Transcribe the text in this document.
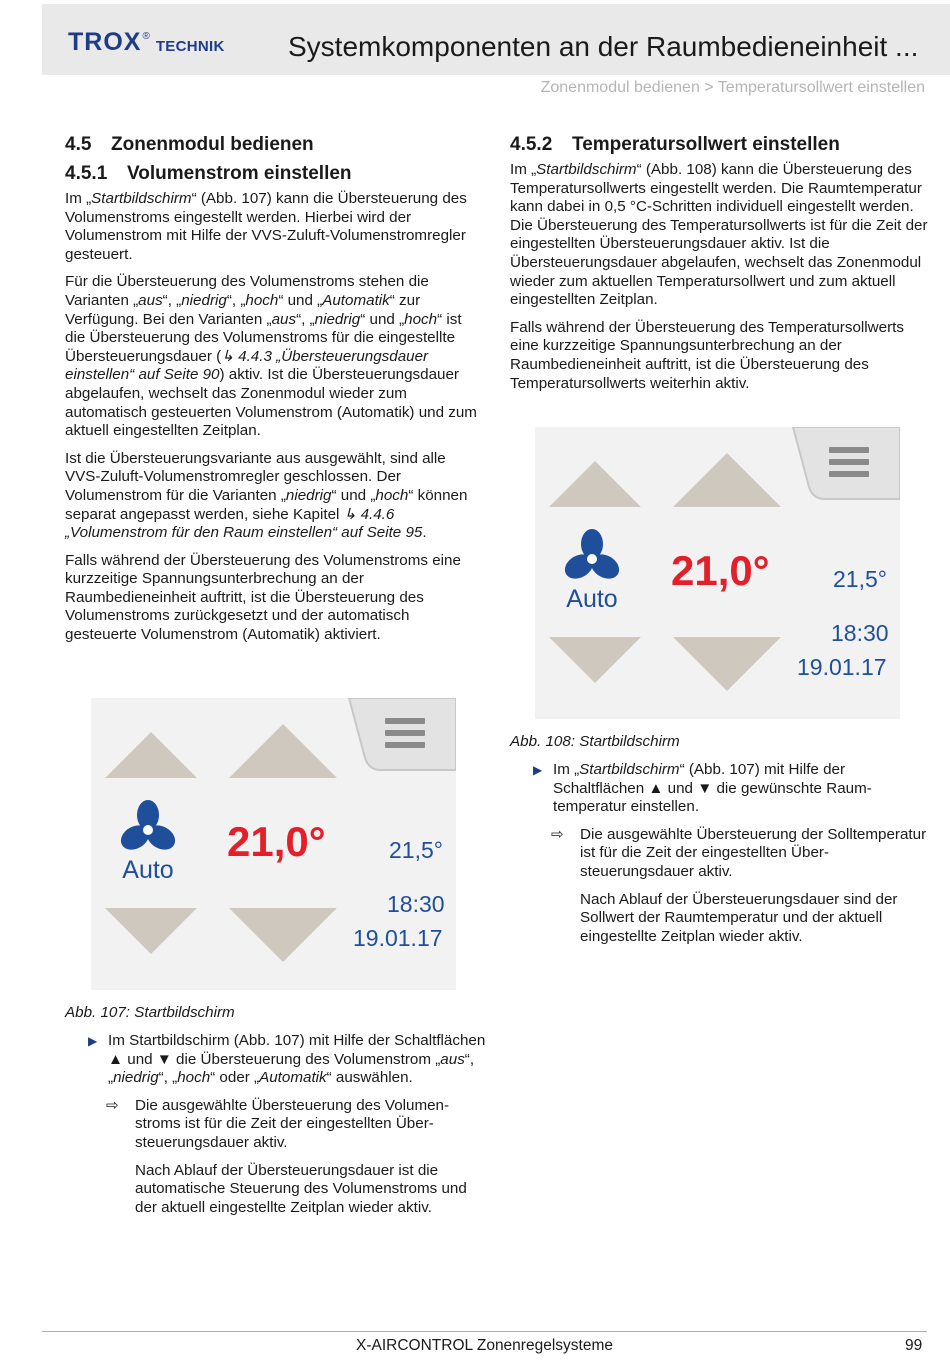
TROX ®
TECHNIK Systemkomponenten an der Raumbedieneinheit ...
Zonenmodul bedienen > Temperatursollwert einstellen
4.5 Zonenmodul bedienen
4.5.1 Volumenstrom einstellen

Im „Startbildschirm“ (Abb. 107) kann die Übersteuerung des Volumenstroms eingestellt werden. Hierbei wird der Volumenstrom mit Hilfe der VVS-Zuluft-Volumenstromregler gesteuert.

Für die Übersteuerung des Volumenstroms stehen die Varianten „aus“, „niedrig“, „hoch“ und „Automatik“ zur Verfügung. Bei den Varianten „aus“, „niedrig“ und „hoch“ ist die Übersteuerung des Volumenstroms für die eingestellte Übersteuerungsdauer (↳ 4.4.3 „Übersteuerungsdauer einstellen“ auf Seite 90) aktiv. Ist die Übersteuerungsdauer abgelaufen, wechselt das Zonenmodul wieder zum automatisch gesteuerten Volumenstrom (Automatik) und zum aktuell eingestellten Zeitplan.

Ist die Übersteuerungsvariante aus ausgewählt, sind alle VVS-Zuluft-Volumenstromregler geschlossen. Der Volumenstrom für die Varianten „niedrig“ und „hoch“ können separat angepasst werden, siehe Kapitel ↳ 4.4.6 „Volumenstrom für den Raum einstellen“ auf Seite 95.

Falls während der Übersteuerung des Volumenstroms eine kurzzeitige Spannungsunterbrechung an der Raumbedieneinheit auftritt, ist die Übersteuerung des Volumenstroms zurückgesetzt und der automatisch gesteuerte Volumenstrom (Automatik) aktiviert.

4.5.2 Temperatursollwert einstellen

Im „Startbildschirm“ (Abb. 108) kann die Übersteuerung des Temperatursollwerts eingestellt werden. Die Raumtemperatur kann dabei in 0,5 °C-Schritten individuell eingestellt werden. Die Übersteuerung des Temperatursollwerts ist für die Zeit der eingestellten Übersteuerungsdauer aktiv. Ist die Übersteuerungsdauer abgelaufen, wechselt das Zonenmodul wieder zum aktuellen Temperatursollwert und zum aktuell eingestellten Zeitplan.

Falls während der Übersteuerung des Temperatursollwerts eine kurzzeitige Spannungsunterbrechung an der Raumbedieneinheit auftritt, ist die Übersteuerung des Temperatursollwerts weiterhin aktiv.

Auto
21,0°	21,5°
18:30
19.01.17
Auto
21,0°	21,5°
18:30
19.01.17
Abb. 107: Startbildschirm
Abb. 108: Startbildschirm
▶ Im Startbildschirm (Abb. 107) mit Hilfe der Schaltflächen ▲ und ▼ die Übersteuerung des Volumenstrom „aus“, „niedrig“, „hoch“ oder „Automatik“ auswählen.
⇨ Die ausgewählte Übersteuerung des Volumenstroms ist für die Zeit der eingestellten Übersteuerungsdauer aktiv.
Nach Ablauf der Übersteuerungsdauer ist die automatische Steuerung des Volumenstroms und der aktuell eingestellte Zeitplan wieder aktiv.
▶ Im „Startbildschirm“ (Abb. 107) mit Hilfe der Schaltflächen ▲ und ▼ die gewünschte Raumtemperatur einstellen.
⇨ Die ausgewählte Übersteuerung der Solltemperatur ist für die Zeit der eingestellten Übersteuerungsdauer aktiv.
Nach Ablauf der Übersteuerungsdauer sind der Sollwert der Raumtemperatur und der aktuell eingestellte Zeitplan wieder aktiv.
X-AIRCONTROL Zonenregelsysteme	99
